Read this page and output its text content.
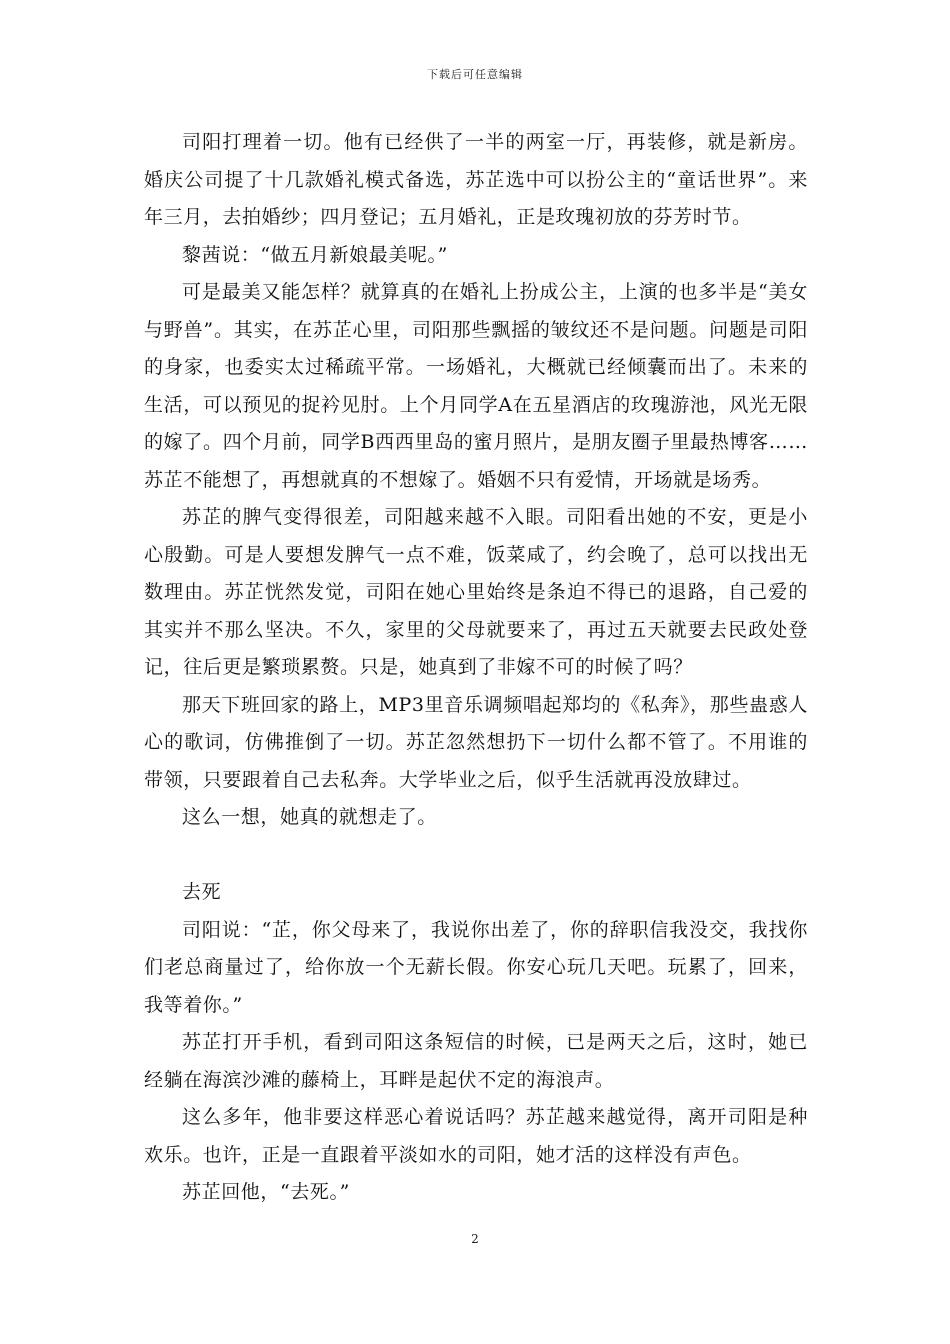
下载后可任意编辑

司阳打理着一切。他有已经供了一半的两室一厅，再装修，就是新房。婚庆公司提了十几款婚礼模式备选，苏芷选中可以扮公主的“童话世界”。来年三月，去拍婚纱；四月登记；五月婚礼，正是玫瑰初放的芬芳时节。

黎茜说：“做五月新娘最美呢。”

可是最美又能怎样？就算真的在婚礼上扮成公主，上演的也多半是“美女与野兽”。其实，在苏芷心里，司阳那些飘摇的皱纹还不是问题。问题是司阳的身家，也委实太过稀疏平常。一场婚礼，大概就已经倾囊而出了。未来的生活，可以预见的捉衿见肘。上个月同学A在五星酒店的玫瑰游池，风光无限的嫁了。四个月前，同学B西西里岛的蜜月照片，是朋友圈子里最热博客……苏芷不能想了，再想就真的不想嫁了。婚姻不只有爱情，开场就是场秀。

苏芷的脾气变得很差，司阳越来越不入眼。司阳看出她的不安，更是小心殷勤。可是人要想发脾气一点不难，饭菜咸了，约会晚了，总可以找出无数理由。苏芷恍然发觉，司阳在她心里始终是条迫不得已的退路，自己爱的其实并不那么坚决。不久，家里的父母就要来了，再过五天就要去民政处登记，往后更是繁琐累赘。只是，她真到了非嫁不可的时候了吗？

那天下班回家的路上，MP3里音乐调频唱起郑均的《私奔》，那些蛊惑人心的歌词，仿佛推倒了一切。苏芷忽然想扔下一切什么都不管了。不用谁的带领，只要跟着自己去私奔。大学毕业之后，似乎生活就再没放肆过。

这么一想，她真的就想走了。

去死

司阳说：“芷，你父母来了，我说你出差了，你的辞职信我没交，我找你们老总商量过了，给你放一个无薪长假。你安心玩几天吧。玩累了，回来，我等着你。”

苏芷打开手机，看到司阳这条短信的时候，已是两天之后，这时，她已经躺在海滨沙滩的藤椅上，耳畔是起伏不定的海浪声。

这么多年，他非要这样恶心着说话吗？苏芷越来越觉得，离开司阳是种欢乐。也许，正是一直跟着平淡如水的司阳，她才活的这样没有声色。

苏芷回他，“去死。”

2
